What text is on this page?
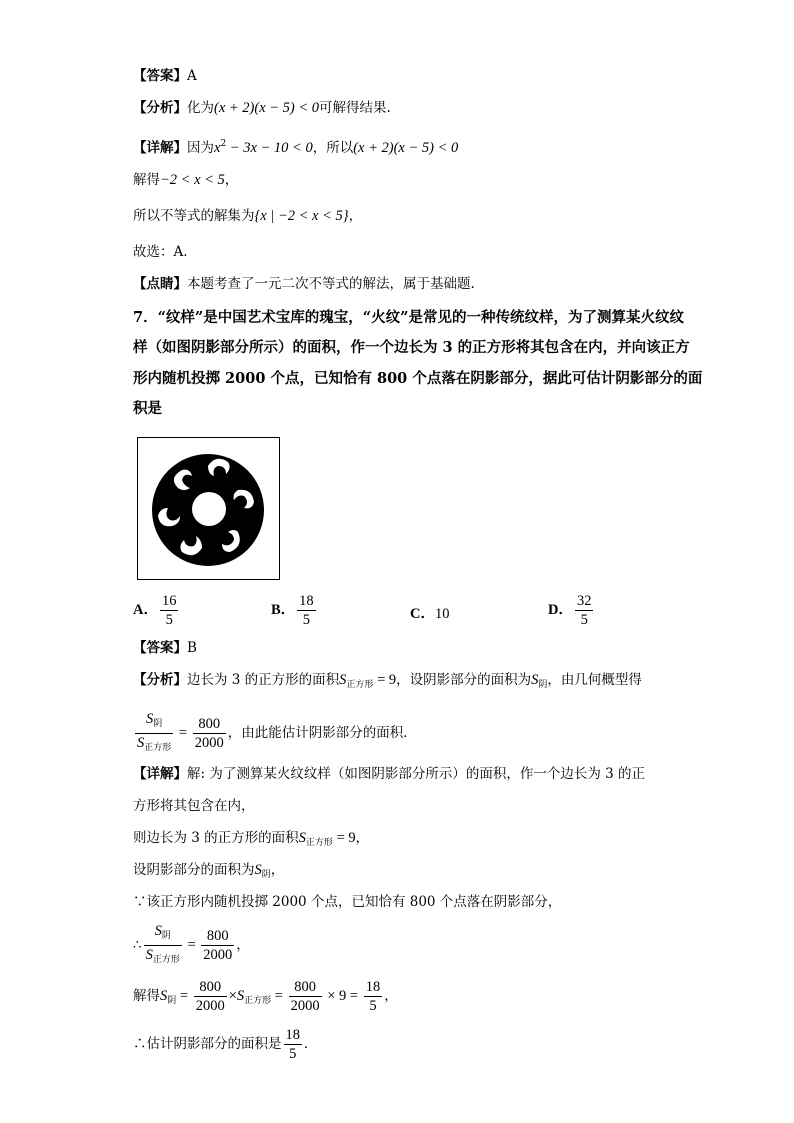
【答案】A
【分析】化为(x + 2)(x − 5) < 0可解得结果.
【详解】因为$x^2 - 3x - 10 < 0$，所以(x + 2)(x − 5) < 0
解得−2 < x < 5，
所以不等式的解集为{x | −2 < x < 5}，
故选：A.
【点睛】本题考查了一元二次不等式的解法，属于基础题.
7．“纹样”是中国艺术宝库的瑰宝，“火纹”是常见的一种传统纹样，为了测算某火纹纹
样（如图阴影部分所示）的面积，作一个边长为 3 的正方形将其包含在内，并向该正方
形内随机投掷 2000 个点，已知恰有 800 个点落在阴影部分，据此可估计阴影部分的面
积是
A． $\frac{16}{5}$	B． $\frac{18}{5}$	C．10	D． $\frac{32}{5}$
【答案】B
【分析】边长为 3 的正方形的面积$S_{正方形} = 9$，设阴影部分的面积为$S_阴$，由几何概型得
$\frac{S_阴}{S_{正方形}} = \frac{800}{2000}$ ，由此能估计阴影部分的面积．
【详解】解: 为了测算某火纹纹样（如图阴影部分所示）的面积，作一个边长为 3 的正
方形将其包含在内，
则边长为 3 的正方形的面积$S_{正方形} = 9$，
设阴影部分的面积为$S_阴$，
∵该正方形内随机投掷 2000 个点，已知恰有 800 个点落在阴影部分，
∴ $\frac{S_阴}{S_{正方形}} = \frac{800}{2000}$ ，
解得$S_阴 = \frac{800}{2000} \times S_{正方形} = \frac{800}{2000} \times 9 = \frac{18}{5}$ ，
∴估计阴影部分的面积是 $\frac{18}{5}$ ．
